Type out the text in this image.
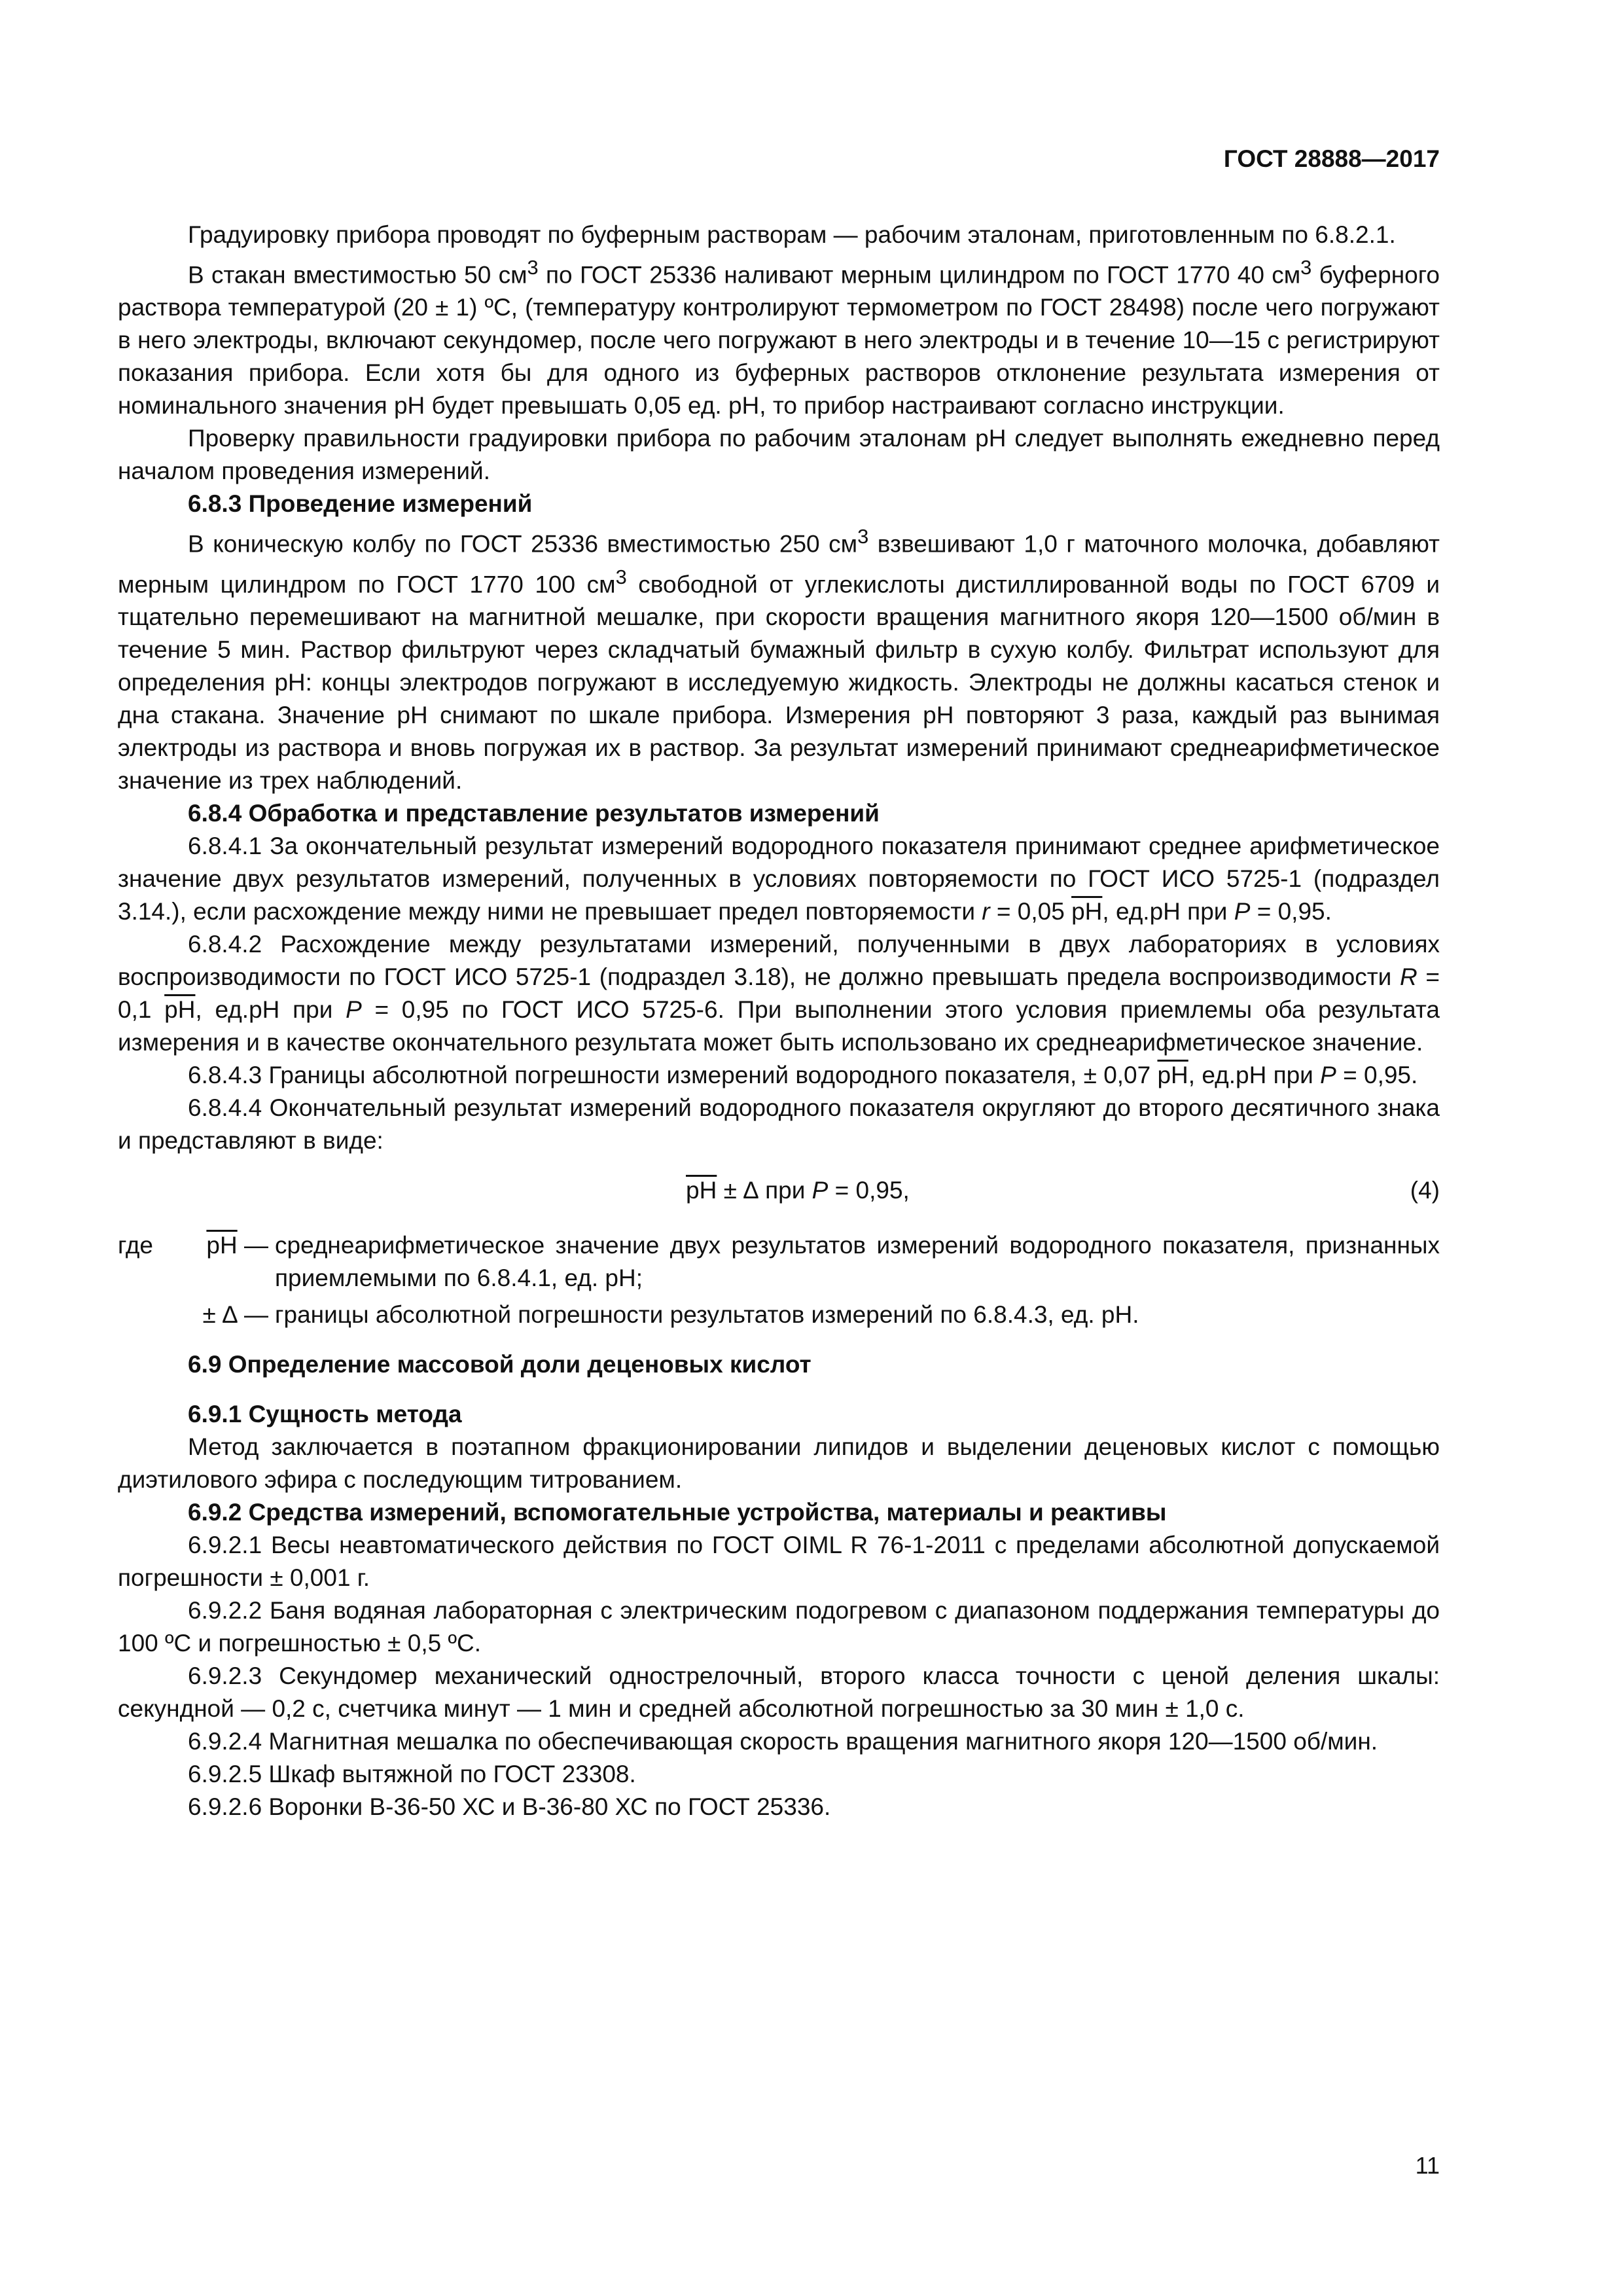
ГОСТ 28888—2017

Градуировку прибора проводят по буферным растворам — рабочим эталонам, приготовленным по 6.8.2.1.

В стакан вместимостью 50 $см^3$ по ГОСТ 25336 наливают мерным цилиндром по ГОСТ 1770 40 $см^3$ буферного раствора температурой (20 ± 1) ºС, (температуру контролируют термометром по ГОСТ 28498) после чего погружают в него электроды, включают секундомер, после чего погружают в него электроды и в течение 10—15 с регистрируют показания прибора. Если хотя бы для одного из буферных растворов отклонение результата измерения от номинального значения рН будет превышать 0,05 ед. рН, то прибор настраивают согласно инструкции.

Проверку правильности градуировки прибора по рабочим эталонам рН следует выполнять ежедневно перед началом проведения измерений.

6.8.3 Проведение измерений

В коническую колбу по ГОСТ 25336 вместимостью 250 $см^3$ взвешивают 1,0 г маточного молочка, добавляют мерным цилиндром по ГОСТ 1770 100 $см^3$ свободной от углекислоты дистиллированной воды по ГОСТ 6709 и тщательно перемешивают на магнитной мешалке, при скорости вращения магнитного якоря 120—1500 об/мин в течение 5 мин. Раствор фильтруют через складчатый бумажный фильтр в сухую колбу. Фильтрат используют для определения рН: концы электродов погружают в исследуемую жидкость. Электроды не должны касаться стенок и дна стакана. Значение рН снимают по шкале прибора. Измерения рН повторяют 3 раза, каждый раз вынимая электроды из раствора и вновь погружая их в раствор. За результат измерений принимают среднеарифметическое значение из трех наблюдений.

6.8.4 Обработка и представление результатов измерений

6.8.4.1 За окончательный результат измерений водородного показателя принимают среднее арифметическое значение двух результатов измерений, полученных в условиях повторяемости по ГОСТ ИСО 5725-1 (подраздел 3.14.), если расхождение между ними не превышает предел повторяемости r = 0,05 рН, ед.рН при P = 0,95.

6.8.4.2 Расхождение между результатами измерений, полученными в двух лабораториях в условиях воспроизводимости по ГОСТ ИСО 5725-1 (подраздел 3.18), не должно превышать предела воспроизводимости R = 0,1 рН, ед.рН при P = 0,95 по ГОСТ ИСО 5725-6. При выполнении этого условия приемлемы оба результата измерения и в качестве окончательного результата может быть использовано их среднеарифметическое значение.

6.8.4.3 Границы абсолютной погрешности измерений водородного показателя, ± 0,07 рН, ед.рН при P = 0,95.

6.8.4.4 Окончательный результат измерений водородного показателя округляют до второго десятичного знака и представляют в виде:

рН ± ∆ при P = 0,95,	(4)
где	рН — среднеарифметическое значение двух результатов измерений водородного показателя, признанных приемлемыми по 6.8.4.1, ед. рН;
± ∆ — границы абсолютной погрешности результатов измерений по 6.8.4.3, ед. рН.

6.9 Определение массовой доли деценовых кислот

6.9.1 Сущность метода

Метод заключается в поэтапном фракционировании липидов и выделении деценовых кислот с помощью диэтилового эфира с последующим титрованием.

6.9.2 Средства измерений, вспомогательные устройства, материалы и реактивы

6.9.2.1 Весы неавтоматического действия по ГОСТ OIML R 76-1-2011 с пределами абсолютной допускаемой погрешности ± 0,001 г.

6.9.2.2 Баня водяная лабораторная с электрическим подогревом с диапазоном поддержания температуры до 100 ºС и погрешностью ± 0,5 ºС.

6.9.2.3 Секундомер механический однострелочный, второго класса точности с ценой деления шкалы: секундной — 0,2 с, счетчика минут — 1 мин и средней абсолютной погрешностью за 30 мин ± 1,0 с.

6.9.2.4 Магнитная мешалка по обеспечивающая скорость вращения магнитного якоря 120—1500 об/мин.

6.9.2.5 Шкаф вытяжной по ГОСТ 23308.

6.9.2.6 Воронки В-36-50 ХС и В-36-80 ХС по ГОСТ 25336.

11
